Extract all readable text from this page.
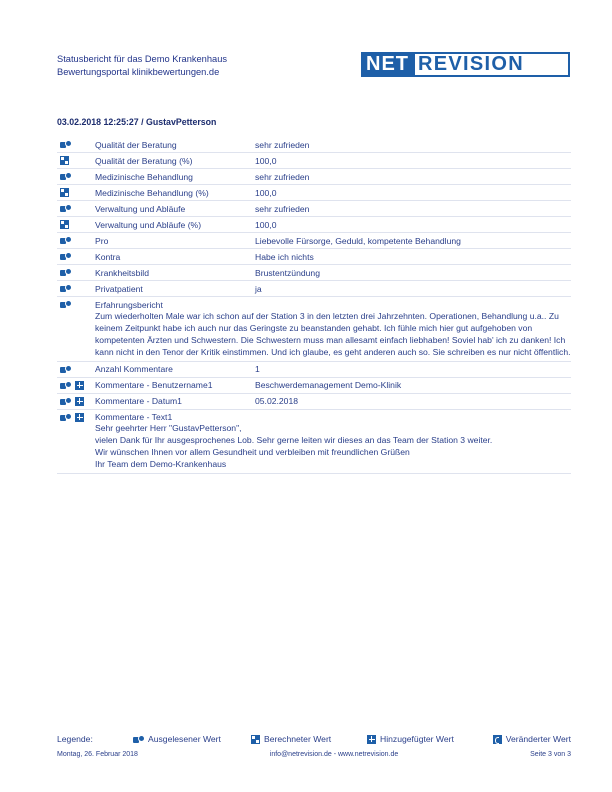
Statusbericht für das Demo Krankenhaus
Bewertungsportal klinikbewertungen.de	NET REVISION
03.02.2018 12:25:27 / GustavPetterson
Qualität der Beratung	sehr zufrieden
Qualität der Beratung (%)	100,0
Medizinische Behandlung	sehr zufrieden
Medizinische Behandlung (%)	100,0
Verwaltung und Abläufe	sehr zufrieden
Verwaltung und Abläufe (%)	100,0
Pro	Liebevolle Fürsorge, Geduld, kompetente Behandlung
Kontra	Habe ich nichts
Krankheitsbild	Brustentzündung
Privatpatient	ja
Erfahrungsbericht
Zum wiederholten Male war ich schon auf der Station 3 in den letzten drei Jahrzehnten. Operationen, Behandlung u.a.. Zu keinem Zeitpunkt habe ich auch nur das Geringste zu beanstanden gehabt. Ich fühle mich hier gut aufgehoben von kompetenten Ärzten und Schwestern. Die Schwestern muss man allesamt einfach liebhaben! Soviel hab' ich zu danken! Ich kann nicht in den Tenor der Kritik einstimmen. Und ich glaube, es geht anderen auch so. Sie schreiben es nur nicht öffentlich.
Anzahl Kommentare	1
Kommentare - Benutzername1	Beschwerdemanagement Demo-Klinik
Kommentare - Datum1	05.02.2018
Kommentare - Text1
Sehr geehrter Herr "GustavPetterson",
vielen Dank für Ihr ausgesprochenes Lob. Sehr gerne leiten wir dieses an das Team der Station 3 weiter.
Wir wünschen Ihnen vor allem Gesundheit und verbleiben mit freundlichen Grüßen
Ihr Team dem Demo-Krankenhaus
Legende:	Ausgelesener Wert	Berechneter Wert	Hinzugefügter Wert	Veränderter Wert
Montag, 26. Februar 2018	info@netrevision.de - www.netrevision.de	Seite 3 von 3
